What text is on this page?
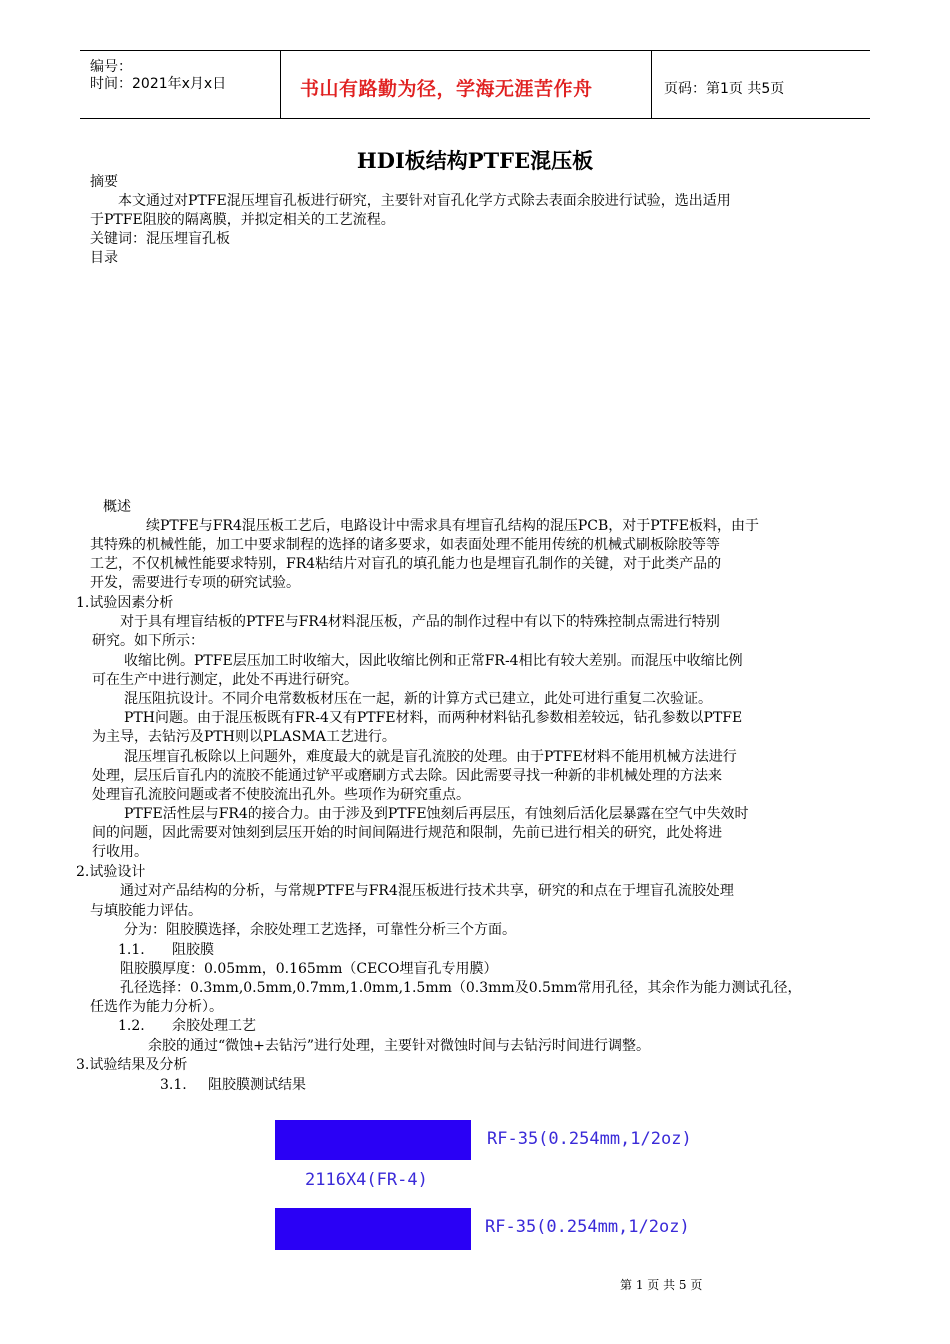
编号：
时间：2021年x月x日	书山有路勤为径，学海无涯苦作舟	页码：第1页 共5页
HDI板结构PTFE混压板
摘要
本文通过对PTFE混压埋盲孔板进行研究，主要针对盲孔化学方式除去表面余胶进行试验，选出适用
于PTFE阻胶的隔离膜，并拟定相关的工艺流程。
关键词：混压埋盲孔板
目录
概述
续PTFE与FR4混压板工艺后，电路设计中需求具有埋盲孔结构的混压PCB，对于PTFE板料，由于
其特殊的机械性能，加工中要求制程的选择的诸多要求，如表面处理不能用传统的机械式刷板除胶等等
工艺，不仅机械性能要求特别，FR4粘结片对盲孔的填孔能力也是埋盲孔制作的关键，对于此类产品的
开发，需要进行专项的研究试验。
1.试验因素分析
对于具有埋盲结板的PTFE与FR4材料混压板，产品的制作过程中有以下的特殊控制点需进行特别
研究。如下所示：
收缩比例。PTFE层压加工时收缩大，因此收缩比例和正常FR-4相比有较大差别。而混压中收缩比例
可在生产中进行测定，此处不再进行研究。
混压阻抗设计。不同介电常数板材压在一起，新的计算方式已建立，此处可进行重复二次验证。
PTH问题。由于混压板既有FR-4又有PTFE材料，而两种材料钻孔参数相差较远，钻孔参数以PTFE
为主导，去钻污及PTH则以PLASMA工艺进行。
混压埋盲孔板除以上问题外，难度最大的就是盲孔流胶的处理。由于PTFE材料不能用机械方法进行
处理，层压后盲孔内的流胶不能通过铲平或磨刷方式去除。因此需要寻找一种新的非机械处理的方法来
处理盲孔流胶问题或者不使胶流出孔外。些项作为研究重点。
PTFE活性层与FR4的接合力。由于涉及到PTFE蚀刻后再层压，有蚀刻后活化层暴露在空气中失效时
间的问题，因此需要对蚀刻到层压开始的时间间隔进行规范和限制，先前已进行相关的研究，此处将进
行收用。
2.试验设计
通过对产品结构的分析，与常规PTFE与FR4混压板进行技术共享，研究的和点在于埋盲孔流胶处理
与填胶能力评估。
分为：阻胶膜选择，余胶处理工艺选择，可靠性分析三个方面。
1.1. 阻胶膜
阻胶膜厚度：0.05mm，0.165mm（CECO埋盲孔专用膜）
孔径选择：0.3mm,0.5mm,0.7mm,1.0mm,1.5mm（0.3mm及0.5mm常用孔径，其余作为能力测试孔径，
任选作为能力分析）。
1.2. 余胶处理工艺
余胶的通过“微蚀+去钻污”进行处理，主要针对微蚀时间与去钻污时间进行调整。
3.试验结果及分析
3.1. 阻胶膜测试结果
RF-35(0.254mm,1/2oz)
2116X4(FR-4)
RF-35(0.254mm,1/2oz)
第 1 页 共 5 页
